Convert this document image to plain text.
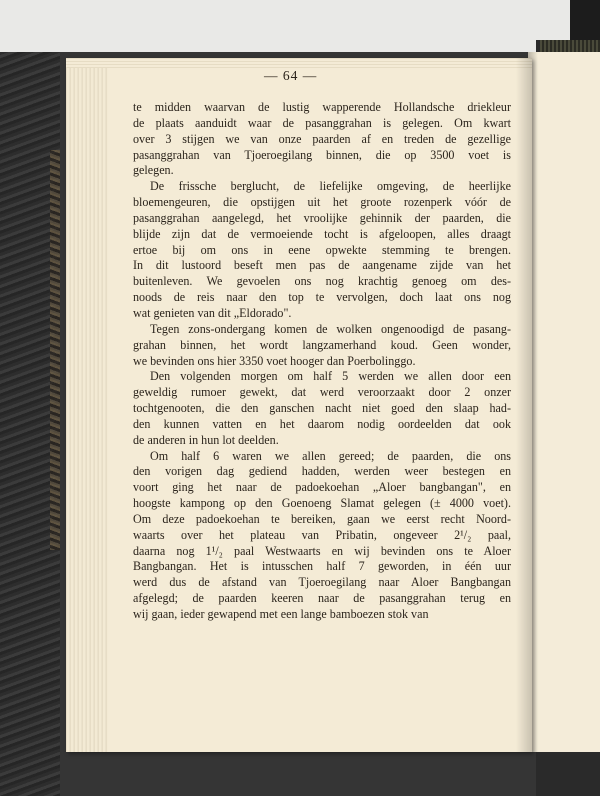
— 64 —

te midden waarvan de lustig wapperende Hollandsche driekleur
de plaats aanduidt waar de pasanggrahan is gelegen. Om kwart
over 3 stijgen we van onze paarden af en treden de gezellige
pasanggrahan van Tjoeroegilang binnen, die op 3500 voet is
gelegen.

De frissche berglucht, de liefelijke omgeving, de heerlijke
bloemengeuren, die opstijgen uit het groote rozenperk vóór de
pasanggrahan aangelegd, het vroolijke gehinnik der paarden, die
blijde zijn dat de vermoeiende tocht is afgeloopen, alles draagt
ertoe bij om ons in eene opwekte stemming te brengen.
In dit lustoord beseft men pas de aangename zijde van het
buitenleven. We gevoelen ons nog krachtig genoeg om des-
noods de reis naar den top te vervolgen, doch laat ons nog
wat genieten van dit „Eldorado".

Tegen zons-ondergang komen de wolken ongenoodigd de pasang-
grahan binnen, het wordt langzamerhand koud. Geen wonder,
we bevinden ons hier 3350 voet hooger dan Poerbolinggo.

Den volgenden morgen om half 5 werden we allen door een
geweldig rumoer gewekt, dat werd veroorzaakt door 2 onzer
tochtgenooten, die den ganschen nacht niet goed den slaap had-
den kunnen vatten en het daarom nodig oordeelden dat ook
de anderen in hun lot deelden.

Om half 6 waren we allen gereed; de paarden, die ons
den vorigen dag gediend hadden, werden weer bestegen en
voort ging het naar de padoekoehan „Aloer bangbangan", en
hoogste kampong op den Goenoeng Slamat gelegen (± 4000 voet).
Om deze padoekoehan te bereiken, gaan we eerst recht Noord-
waarts over het plateau van Pribatin, ongeveer 2¹/₂ paal,
daarna nog 1¹/₂ paal Westwaarts en wij bevinden ons te Aloer
Bangbangan. Het is intusschen half 7 geworden, in één uur
werd dus de afstand van Tjoeroegilang naar Aloer Bangbangan
afgelegd; de paarden keeren naar de pasanggrahan terug en
wij gaan, ieder gewapend met een lange bamboezen stok van
